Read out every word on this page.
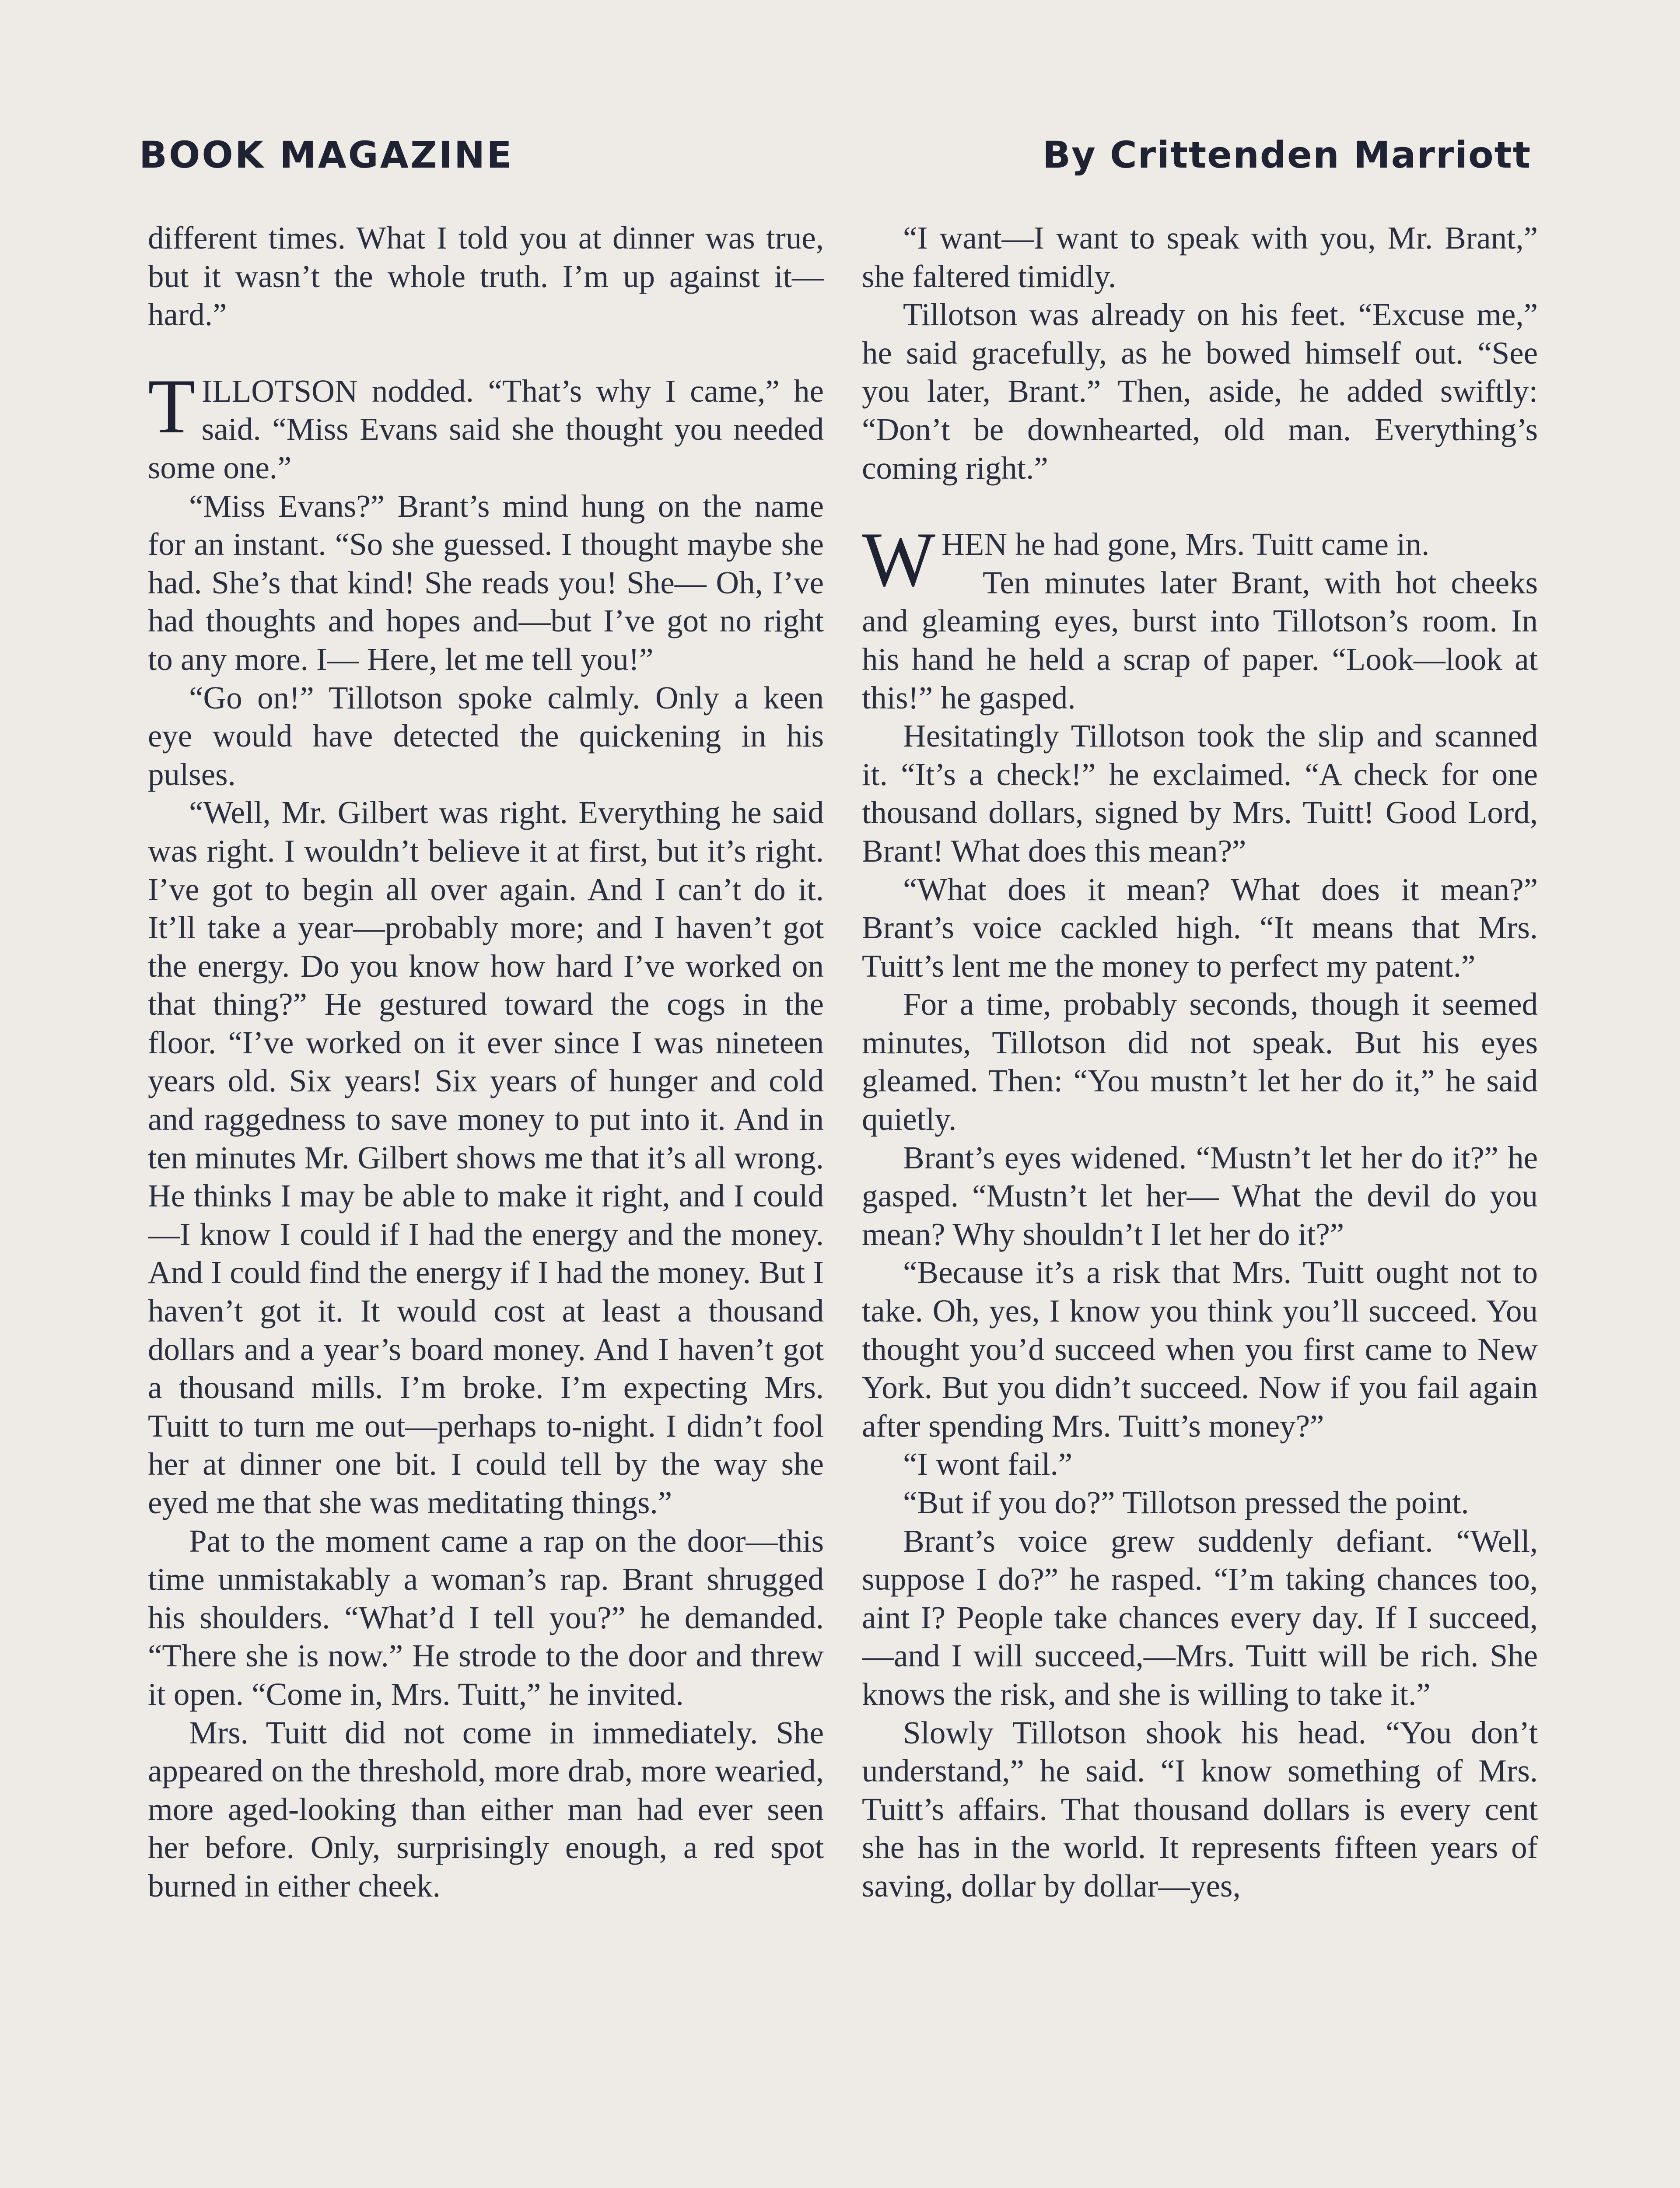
BOOK MAGAZINE	By Crittenden Marriott

different times. What I told you at dinner was true, but it wasn’t the whole truth. I’m up against it—hard.”

TILLOTSON nodded. “That’s why I came,” he said. “Miss Evans said she thought you needed some one.”

“Miss Evans?” Brant’s mind hung on the name for an instant. “So she guessed. I thought maybe she had. She’s that kind! She reads you! She— Oh, I’ve had thoughts and hopes and—but I’ve got no right to any more. I— Here, let me tell you!”

“Go on!” Tillotson spoke calmly. Only a keen eye would have detected the quickening in his pulses.

“Well, Mr. Gilbert was right. Everything he said was right. I wouldn’t believe it at first, but it’s right. I’ve got to begin all over again. And I can’t do it. It’ll take a year—probably more; and I haven’t got the energy. Do you know how hard I’ve worked on that thing?” He gestured toward the cogs in the floor. “I’ve worked on it ever since I was nineteen years old. Six years! Six years of hunger and cold and raggedness to save money to put into it. And in ten minutes Mr. Gilbert shows me that it’s all wrong. He thinks I may be able to make it right, and I could—I know I could if I had the energy and the money. And I could find the energy if I had the money. But I haven’t got it. It would cost at least a thousand dollars and a year’s board money. And I haven’t got a thousand mills. I’m broke. I’m expecting Mrs. Tuitt to turn me out—perhaps to-night. I didn’t fool her at dinner one bit. I could tell by the way she eyed me that she was meditating things.”

Pat to the moment came a rap on the door—this time unmistakably a woman’s rap. Brant shrugged his shoulders. “What’d I tell you?” he demanded. “There she is now.” He strode to the door and threw it open. “Come in, Mrs. Tuitt,” he invited.

Mrs. Tuitt did not come in immediately. She appeared on the threshold, more drab, more wearied, more aged-looking than either man had ever seen her before. Only, surprisingly enough, a red spot burned in either cheek.

“I want—I want to speak with you, Mr. Brant,” she faltered timidly.

Tillotson was already on his feet. “Excuse me,” he said gracefully, as he bowed himself out. “See you later, Brant.” Then, aside, he added swiftly: “Don’t be downhearted, old man. Everything’s coming right.”

WHEN he had gone, Mrs. Tuitt came in.

Ten minutes later Brant, with hot cheeks and gleaming eyes, burst into Tillotson’s room. In his hand he held a scrap of paper. “Look—look at this!” he gasped.

Hesitatingly Tillotson took the slip and scanned it. “It’s a check!” he exclaimed. “A check for one thousand dollars, signed by Mrs. Tuitt! Good Lord, Brant! What does this mean?”

“What does it mean? What does it mean?” Brant’s voice cackled high. “It means that Mrs. Tuitt’s lent me the money to perfect my patent.”

For a time, probably seconds, though it seemed minutes, Tillotson did not speak. But his eyes gleamed. Then: “You mustn’t let her do it,” he said quietly.

Brant’s eyes widened. “Mustn’t let her do it?” he gasped. “Mustn’t let her— What the devil do you mean? Why shouldn’t I let her do it?”

“Because it’s a risk that Mrs. Tuitt ought not to take. Oh, yes, I know you think you’ll succeed. You thought you’d succeed when you first came to New York. But you didn’t succeed. Now if you fail again after spending Mrs. Tuitt’s money?”

“I wont fail.”

“But if you do?” Tillotson pressed the point.

Brant’s voice grew suddenly defiant. “Well, suppose I do?” he rasped. “I’m taking chances too, aint I? People take chances every day. If I succeed,—and I will succeed,—Mrs. Tuitt will be rich. She knows the risk, and she is willing to take it.”

Slowly Tillotson shook his head. “You don’t understand,” he said. “I know something of Mrs. Tuitt’s affairs. That thousand dollars is every cent she has in the world. It represents fifteen years of saving, dollar by dollar—yes,
